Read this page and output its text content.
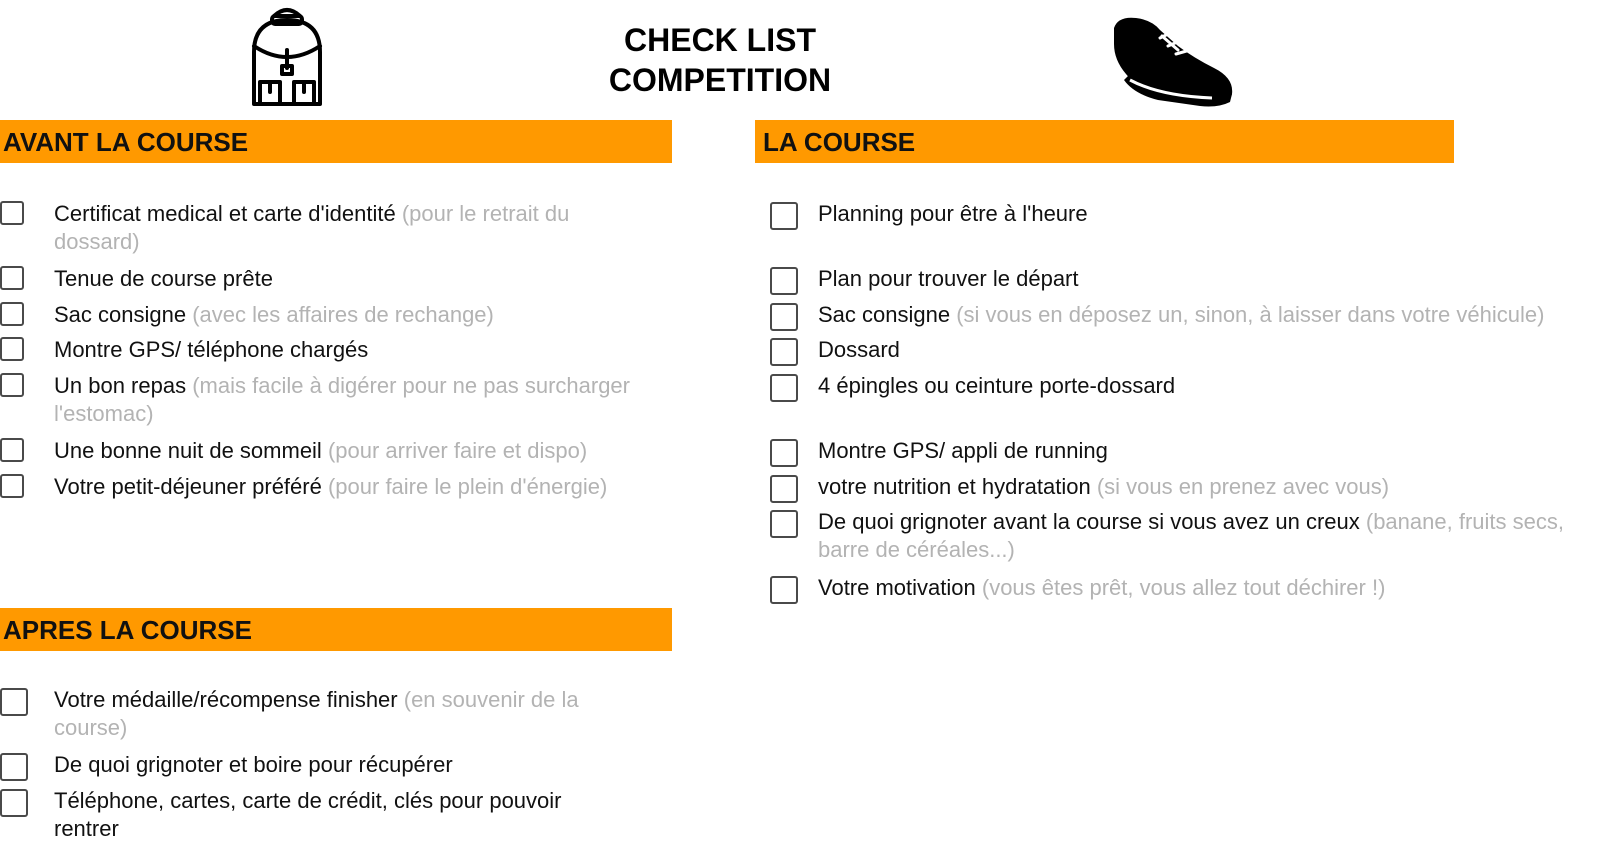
CHECK LIST
COMPETITION
AVANT LA COURSE
Certificat medical et carte d'identité (pour le retrait du dossard)
Tenue de course prête
Sac consigne (avec les affaires de rechange)
Montre GPS/ téléphone chargés
Un bon repas (mais facile à digérer pour ne pas surcharger l'estomac)
Une bonne nuit de sommeil (pour arriver faire et dispo)
Votre petit-déjeuner préféré (pour faire le plein d'énergie)
APRES LA COURSE
Votre médaille/récompense finisher (en souvenir de la course)
De quoi grignoter et boire pour récupérer
Téléphone, cartes, carte de crédit, clés pour pouvoir rentrer
LA COURSE
Planning pour être à l'heure
Plan pour trouver le départ
Sac consigne (si vous en déposez un, sinon, à laisser dans votre véhicule)
Dossard
4 épingles ou ceinture porte-dossard
Montre GPS/ appli de running
votre nutrition et hydratation (si vous en prenez avec vous)
De quoi grignoter avant la course si vous avez un creux (banane, fruits secs, barre de céréales...)
Votre motivation (vous êtes prêt, vous allez tout déchirer !)
